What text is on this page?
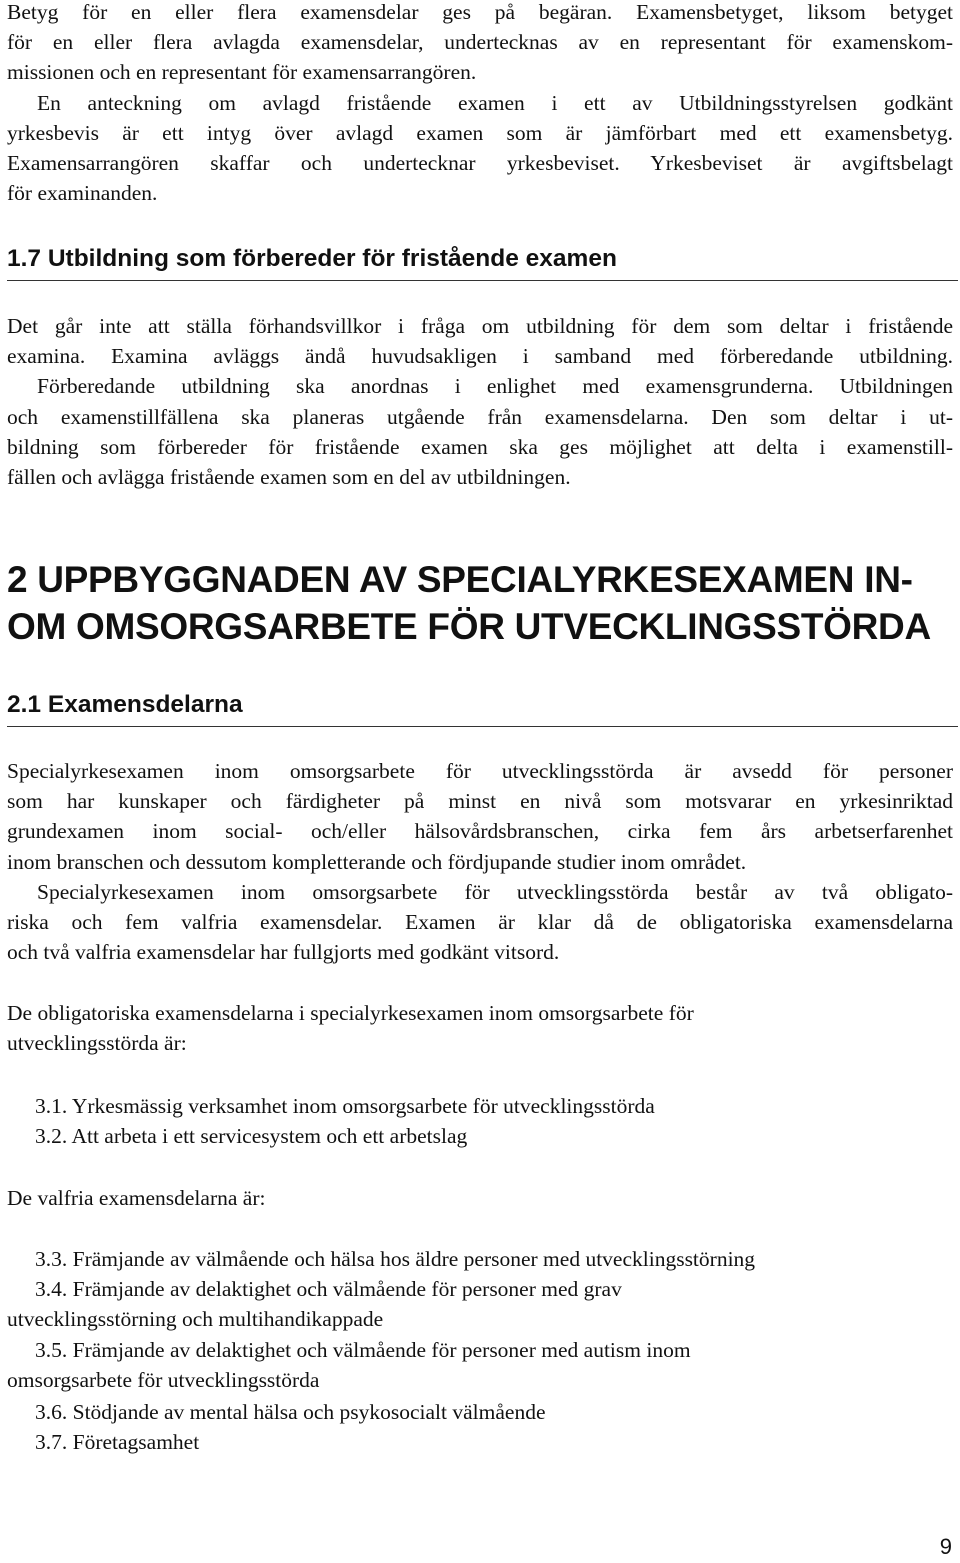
Betyg för en eller flera examensdelar ges på begäran. Examensbetyget, liksom betyget
för en eller flera avlagda examensdelar, undertecknas av en representant för examenskom-
missionen och en representant för examensarrangören.
En anteckning om avlagd fristående examen i ett av Utbildningsstyrelsen godkänt
yrkesbevis är ett intyg över avlagd examen som är jämförbart med ett examensbetyg.
Examensarrangören skaffar och undertecknar yrkesbeviset. Yrkesbeviset är avgiftsbelagt
för examinanden.

1.7 Utbildning som förbereder för fristående examen

Det går inte att ställa förhandsvillkor i fråga om utbildning för dem som deltar i fristående
examina. Examina avläggs ändå huvudsakligen i samband med förberedande utbildning.
Förberedande utbildning ska anordnas i enlighet med examensgrunderna. Utbildningen
och examenstillfällena ska planeras utgående från examensdelarna. Den som deltar i ut-
bildning som förbereder för fristående examen ska ges möjlighet att delta i examenstill-
fällen och avlägga fristående examen som en del av utbildningen.

2 UPPBYGGNADEN AV SPECIALYRKESEXAMEN IN-
OM OMSORGSARBETE FÖR UTVECKLINGSSTÖRDA
2.1 Examensdelarna

Specialyrkesexamen inom omsorgsarbete för utvecklingsstörda är avsedd för personer
som har kunskaper och färdigheter på minst en nivå som motsvarar en yrkesinriktad
grundexamen inom social- och/eller hälsovårdsbranschen, cirka fem års arbetserfarenhet
inom branschen och dessutom kompletterande och fördjupande studier inom området.
Specialyrkesexamen inom omsorgsarbete för utvecklingsstörda består av två obligato-
riska och fem valfria examensdelar. Examen är klar då de obligatoriska examensdelarna
och två valfria examensdelar har fullgjorts med godkänt vitsord.

De obligatoriska examensdelarna i specialyrkesexamen inom omsorgsarbete för
utvecklingsstörda är:

3.1. Yrkesmässig verksamhet inom omsorgsarbete för utvecklingsstörda

3.2. Att arbeta i ett servicesystem och ett arbetslag

De valfria examensdelarna är:

3.3. Främjande av välmående och hälsa hos äldre personer med utvecklingsstörning

3.4. Främjande av delaktighet och välmående för personer med grav
utvecklingsstörning och multihandikappade

3.5. Främjande av delaktighet och välmående för personer med autism inom
omsorgsarbete för utvecklingsstörda

3.6. Stödjande av mental hälsa och psykosocialt välmående

3.7. Företagsamhet

9
